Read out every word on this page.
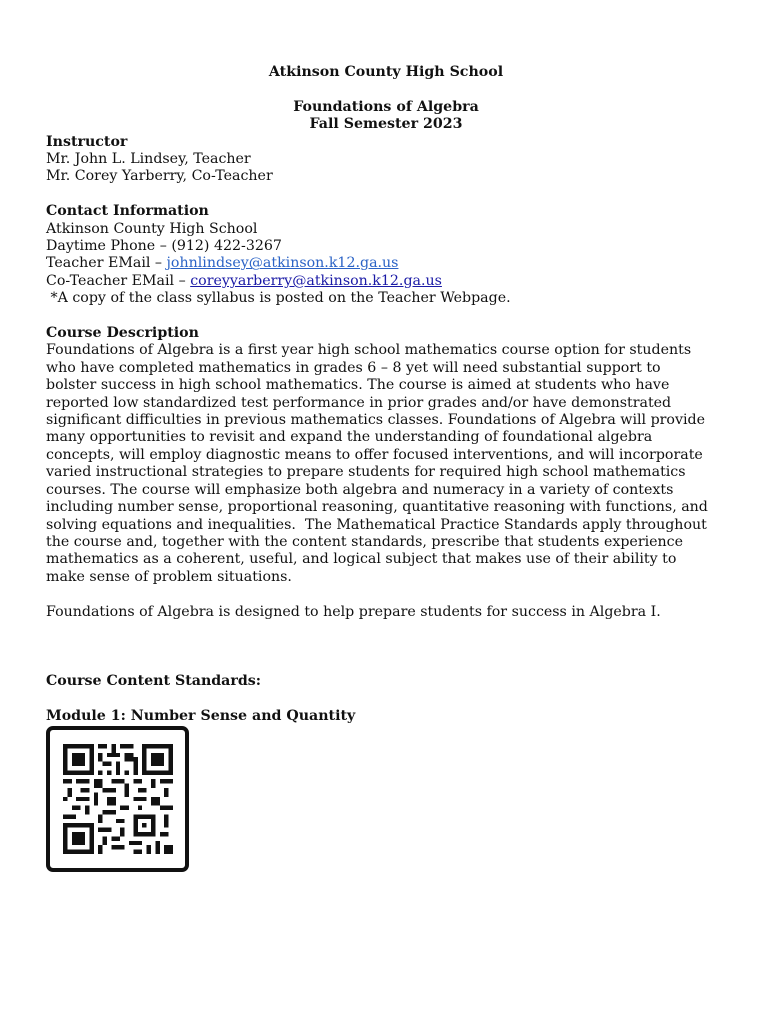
Atkinson County High School
Foundations of Algebra
Fall Semester 2023
Instructor
Mr. John L. Lindsey, Teacher
Mr. Corey Yarberry, Co-Teacher
Contact Information
Atkinson County High School
Daytime Phone – (912) 422-3267
Teacher EMail – johnlindsey@atkinson.k12.ga.us
Co-Teacher EMail – coreyyarberry@atkinson.k12.ga.us
*A copy of the class syllabus is posted on the Teacher Webpage.
Course Description
Foundations of Algebra is a first year high school mathematics course option for students
who have completed mathematics in grades 6 – 8 yet will need substantial support to
bolster success in high school mathematics. The course is aimed at students who have
reported low standardized test performance in prior grades and/or have demonstrated
significant difficulties in previous mathematics classes. Foundations of Algebra will provide
many opportunities to revisit and expand the understanding of foundational algebra
concepts, will employ diagnostic means to offer focused interventions, and will incorporate
varied instructional strategies to prepare students for required high school mathematics
courses. The course will emphasize both algebra and numeracy in a variety of contexts
including number sense, proportional reasoning, quantitative reasoning with functions, and
solving equations and inequalities.  The Mathematical Practice Standards apply throughout
the course and, together with the content standards, prescribe that students experience
mathematics as a coherent, useful, and logical subject that makes use of their ability to
make sense of problem situations.
Foundations of Algebra is designed to help prepare students for success in Algebra I.
Course Content Standards:
Module 1: Number Sense and Quantity
